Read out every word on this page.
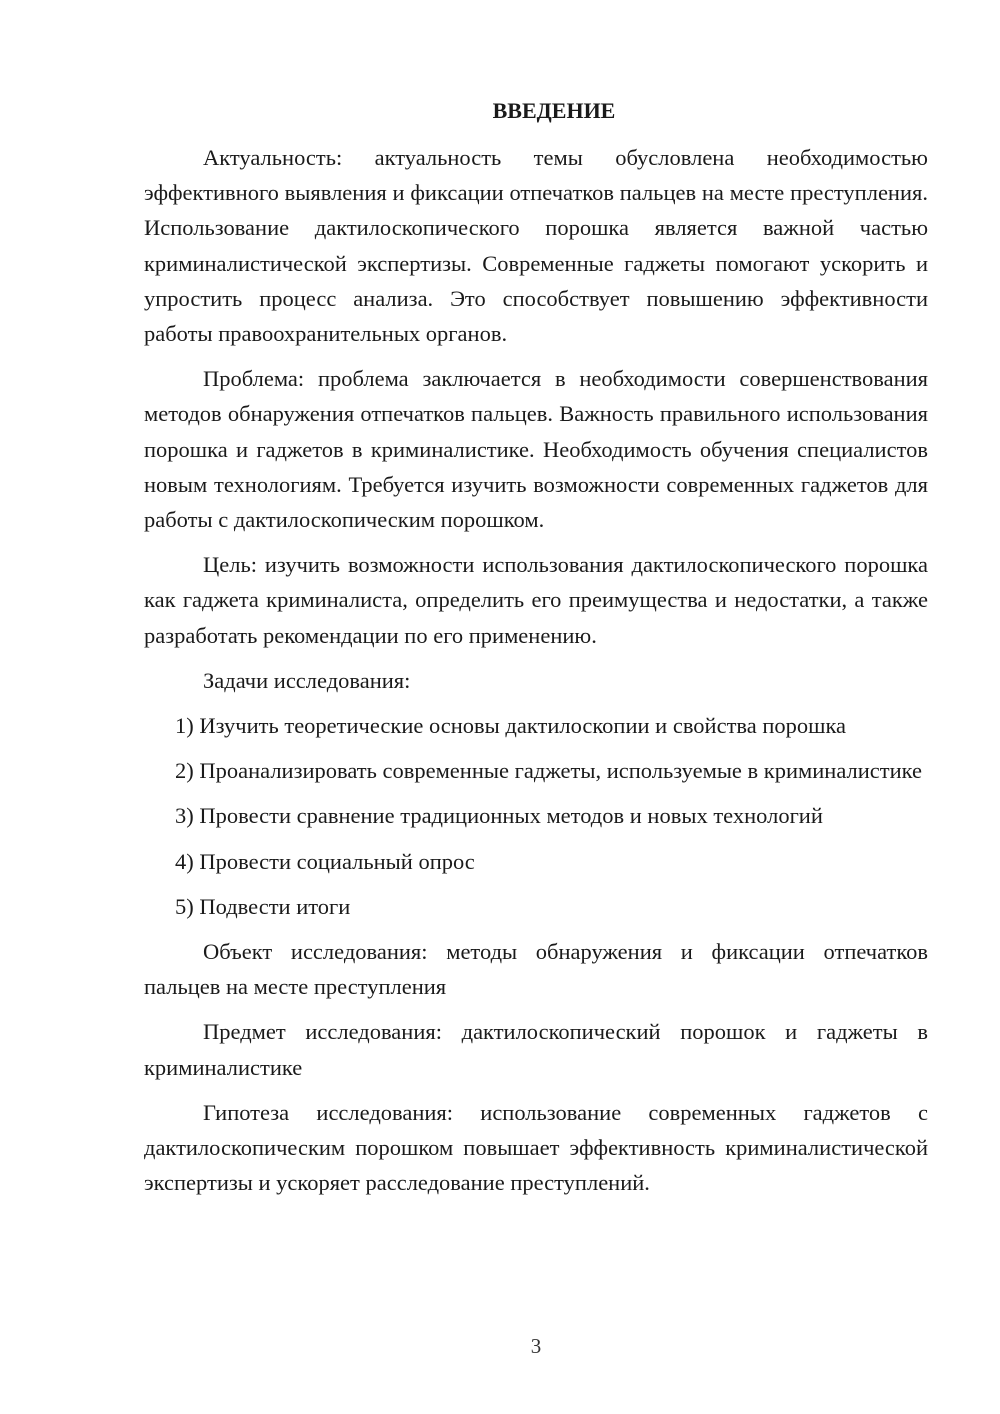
ВВЕДЕНИЕ

Актуальность: актуальность темы обусловлена необходимостью эффективного выявления и фиксации отпечатков пальцев на месте преступления. Использование дактилоскопического порошка является важной частью криминалистической экспертизы. Современные гаджеты помогают ускорить и упростить процесс анализа. Это способствует повышению эффективности работы правоохранительных органов.

Проблема: проблема заключается в необходимости совершенствования методов обнаружения отпечатков пальцев. Важность правильного использования порошка и гаджетов в криминалистике. Необходимость обучения специалистов новым технологиям. Требуется изучить возможности современных гаджетов для работы с дактилоскопическим порошком.

Цель: изучить возможности использования дактилоскопического порошка как гаджета криминалиста, определить его преимущества и недостатки, а также разработать рекомендации по его применению.

Задачи исследования:

1) Изучить теоретические основы дактилоскопии и свойства порошка

2) Проанализировать современные гаджеты, используемые в криминалистике

3) Провести сравнение традиционных методов и новых технологий

4) Провести социальный опрос

5) Подвести итоги

Объект исследования: методы обнаружения и фиксации отпечатков пальцев на месте преступления

Предмет исследования: дактилоскопический порошок и гаджеты в криминалистике

Гипотеза исследования: использование современных гаджетов с дактилоскопическим порошком повышает эффективность криминалистической экспертизы и ускоряет расследование преступлений.

3
